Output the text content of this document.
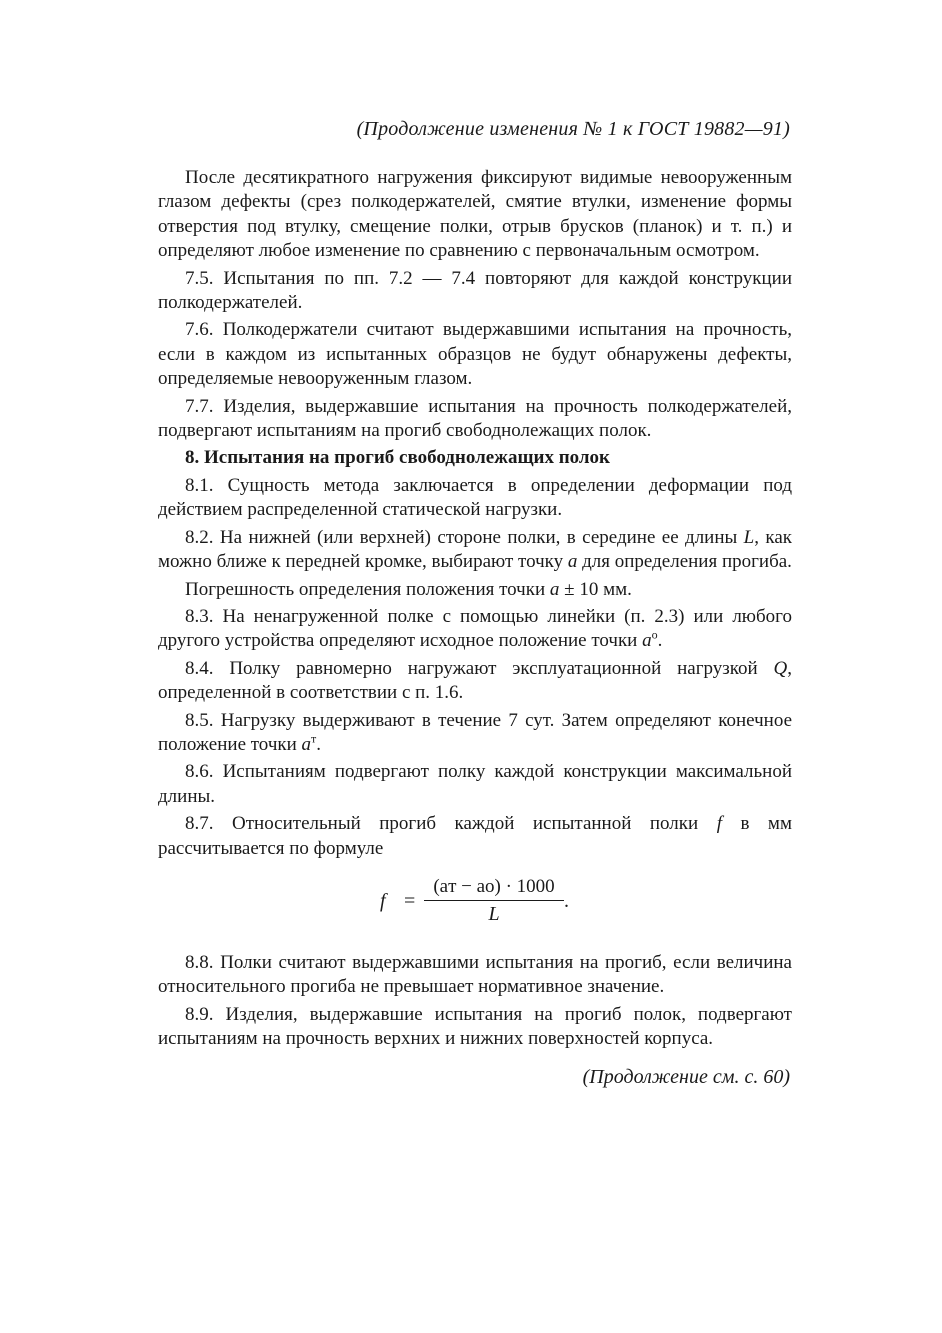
(Продолжение изменения № 1 к ГОСТ 19882—91)

После десятикратного нагружения фиксируют видимые невооруженным глазом дефекты (срез полкодержателей, смятие втулки, изменение формы отверстия под втулку, смещение полки, отрыв брусков (планок) и т. п.) и определяют любое изменение по сравнению с первоначальным осмотром.

7.5. Испытания по пп. 7.2 — 7.4 повторяют для каждой конструкции полкодержателей.

7.6. Полкодержатели считают выдержавшими испытания на прочность, если в каждом из испытанных образцов не будут обнаружены дефекты, определяемые невооруженным глазом.

7.7. Изделия, выдержавшие испытания на прочность полкодержателей, подвергают испытаниям на прогиб свободнолежащих полок.

8. Испытания на прогиб свободнолежащих полок

8.1. Сущность метода заключается в определении деформации под действием распределенной статической нагрузки.

8.2. На нижней (или верхней) стороне полки, в середине ее длины L, как можно ближе к передней кромке, выбирают точку a для определения прогиба.

Погрешность определения положения точки a ± 10 мм.

8.3. На ненагруженной полке с помощью линейки (п. 2.3) или любого другого устройства определяют исходное положение точки $a^o$.

8.4. Полку равномерно нагружают эксплуатационной нагрузкой Q, определенной в соответствии с п. 1.6.

8.5. Нагрузку выдерживают в течение 7 сут. Затем определяют конечное положение точки $a^т$.

8.6. Испытаниям подвергают полку каждой конструкции максимальной длины.

8.7. Относительный прогиб каждой испытанной полки f в мм рассчитывается по формуле

f =
(aт − aо) · 1000
L
.

8.8. Полки считают выдержавшими испытания на прогиб, если величина относительного прогиба не превышает нормативное значение.

8.9. Изделия, выдержавшие испытания на прогиб полок, подвергают испытаниям на прочность верхних и нижних поверхностей корпуса.

(Продолжение см. с. 60)
